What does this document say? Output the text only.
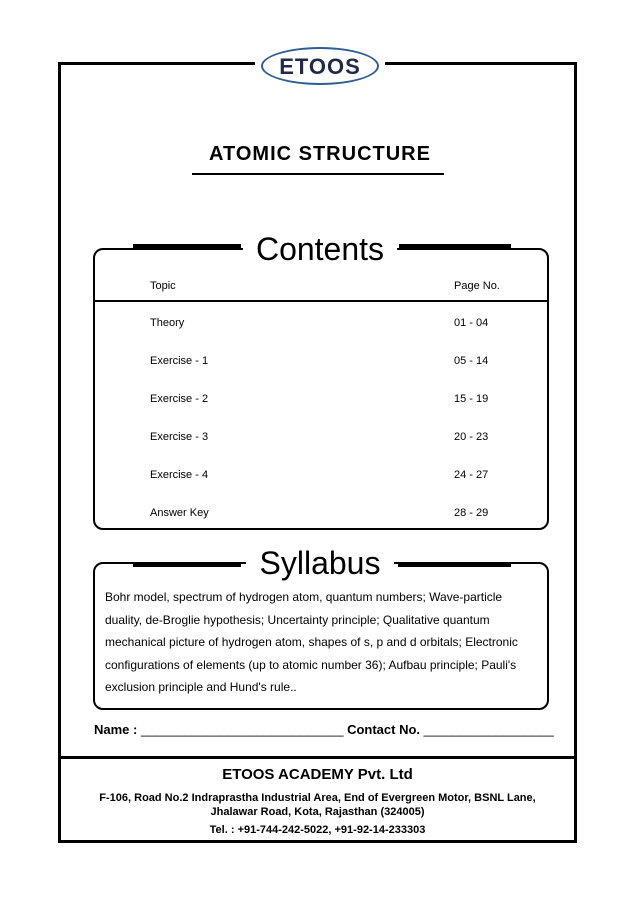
ETOOS
ATOMIC STRUCTURE
Contents
Topic	Page No.
Theory	01 - 04
Exercise - 1	05 - 14
Exercise - 2	15 - 19
Exercise - 3	20 - 23
Exercise - 4	24 - 27
Answer Key	28 - 29
Syllabus
Bohr model, spectrum of hydrogen atom, quantum numbers; Wave-particle duality, de-Broglie hypothesis; Uncertainty principle; Qualitative quantum mechanical picture of hydrogen atom, shapes of s, p and d orbitals; Electronic configurations of elements (up to atomic number 36); Aufbau principle; Pauli's exclusion principle and Hund's rule..
Name : ____________________________ Contact No. __________________
ETOOS ACADEMY Pvt. Ltd
F-106, Road No.2 Indraprastha Industrial Area, End of Evergreen Motor, BSNL Lane,
Jhalawar Road, Kota, Rajasthan (324005)
Tel. : +91-744-242-5022, +91-92-14-233303
